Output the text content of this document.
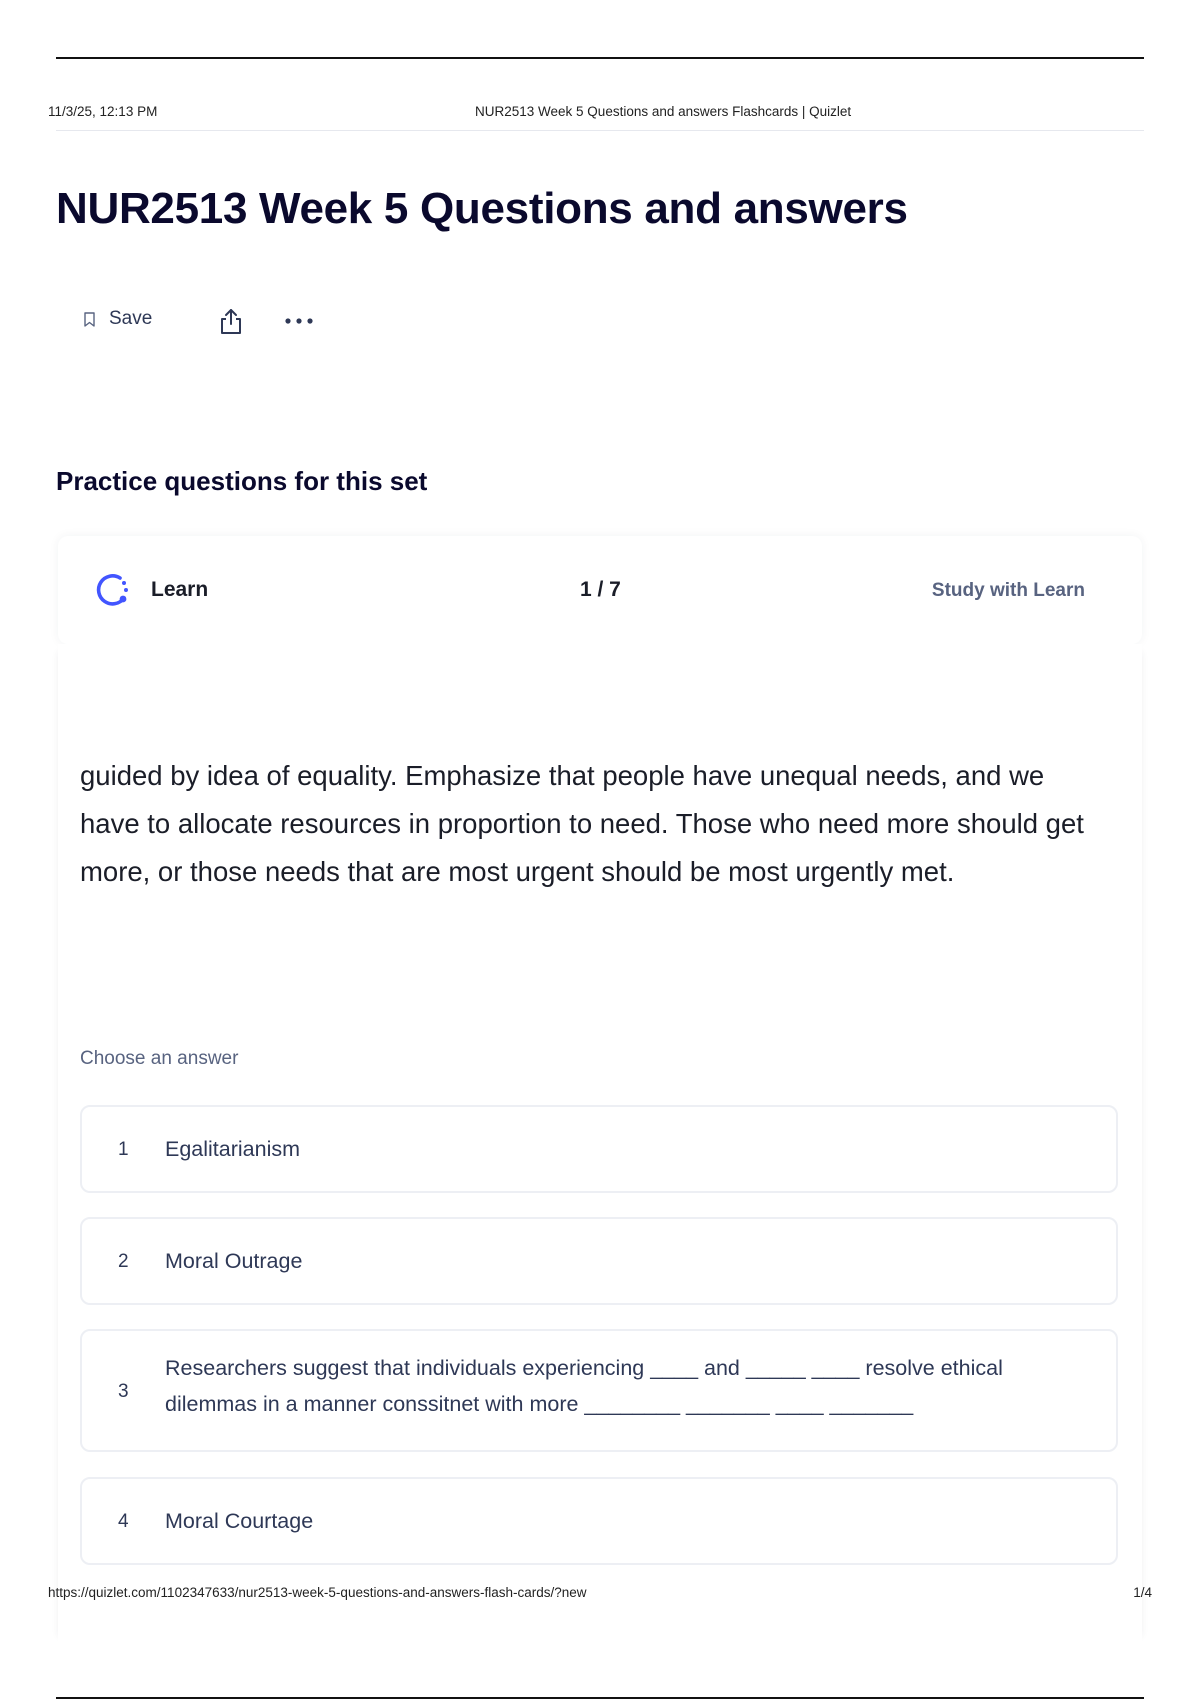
11/3/25, 12:13 PM	NUR2513 Week 5 Questions and answers Flashcards | Quizlet
NUR2513 Week 5 Questions and answers
Save
Practice questions for this set
Learn	1 / 7	Study with Learn

guided by idea of equality. Emphasize that people have unequal needs, and we have to allocate resources in proportion to need. Those who need more should get more, or those needs that are most urgent should be most urgently met.

Choose an answer
1 Egalitarianism
2 Moral Outrage
3
Researchers suggest that individuals experiencing ____ and _____ ____ resolve ethical dilemmas in a manner conssitnet with more ________ _______ ____ _______
4 Moral Courtage
https://quizlet.com/1102347633/nur2513-week-5-questions-and-answers-flash-cards/?new	1/4
